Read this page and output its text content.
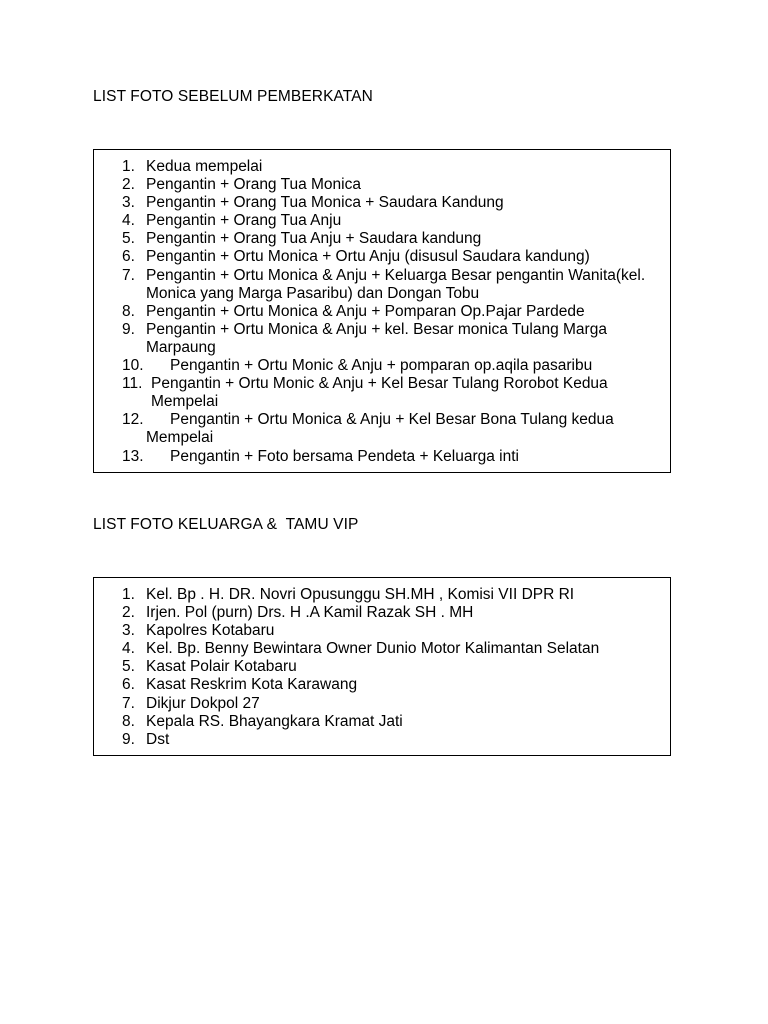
LIST FOTO SEBELUM PEMBERKATAN
1. Kedua mempelai
2. Pengantin + Orang Tua Monica
3. Pengantin + Orang Tua Monica + Saudara Kandung
4. Pengantin + Orang Tua Anju
5. Pengantin + Orang Tua Anju + Saudara kandung
6. Pengantin + Ortu Monica + Ortu Anju (disusul Saudara kandung)
7. Pengantin + Ortu Monica & Anju + Keluarga Besar pengantin Wanita(kel. Monica yang Marga Pasaribu) dan Dongan Tobu
8. Pengantin + Ortu Monica & Anju + Pomparan Op.Pajar Pardede
9. Pengantin + Ortu Monica & Anju + kel. Besar monica Tulang Marga Marpaung
10. Pengantin + Ortu Monic & Anju + pomparan op.aqila pasaribu
11. Pengantin + Ortu Monic & Anju + Kel Besar Tulang Rorobot Kedua Mempelai
12.	Pengantin + Ortu Monica & Anju + Kel Besar Bona Tulang kedua Mempelai
13. Pengantin + Foto bersama Pendeta + Keluarga inti
LIST FOTO KELUARGA &  TAMU VIP
1. Kel. Bp . H. DR. Novri Opusunggu SH.MH , Komisi VII DPR RI
2. Irjen. Pol (purn) Drs. H .A Kamil Razak SH . MH
3. Kapolres Kotabaru
4. Kel. Bp. Benny Bewintara Owner Dunio Motor Kalimantan Selatan
5. Kasat Polair Kotabaru
6. Kasat Reskrim Kota Karawang
7. Dikjur Dokpol 27
8. Kepala RS. Bhayangkara Kramat Jati
9. Dst
